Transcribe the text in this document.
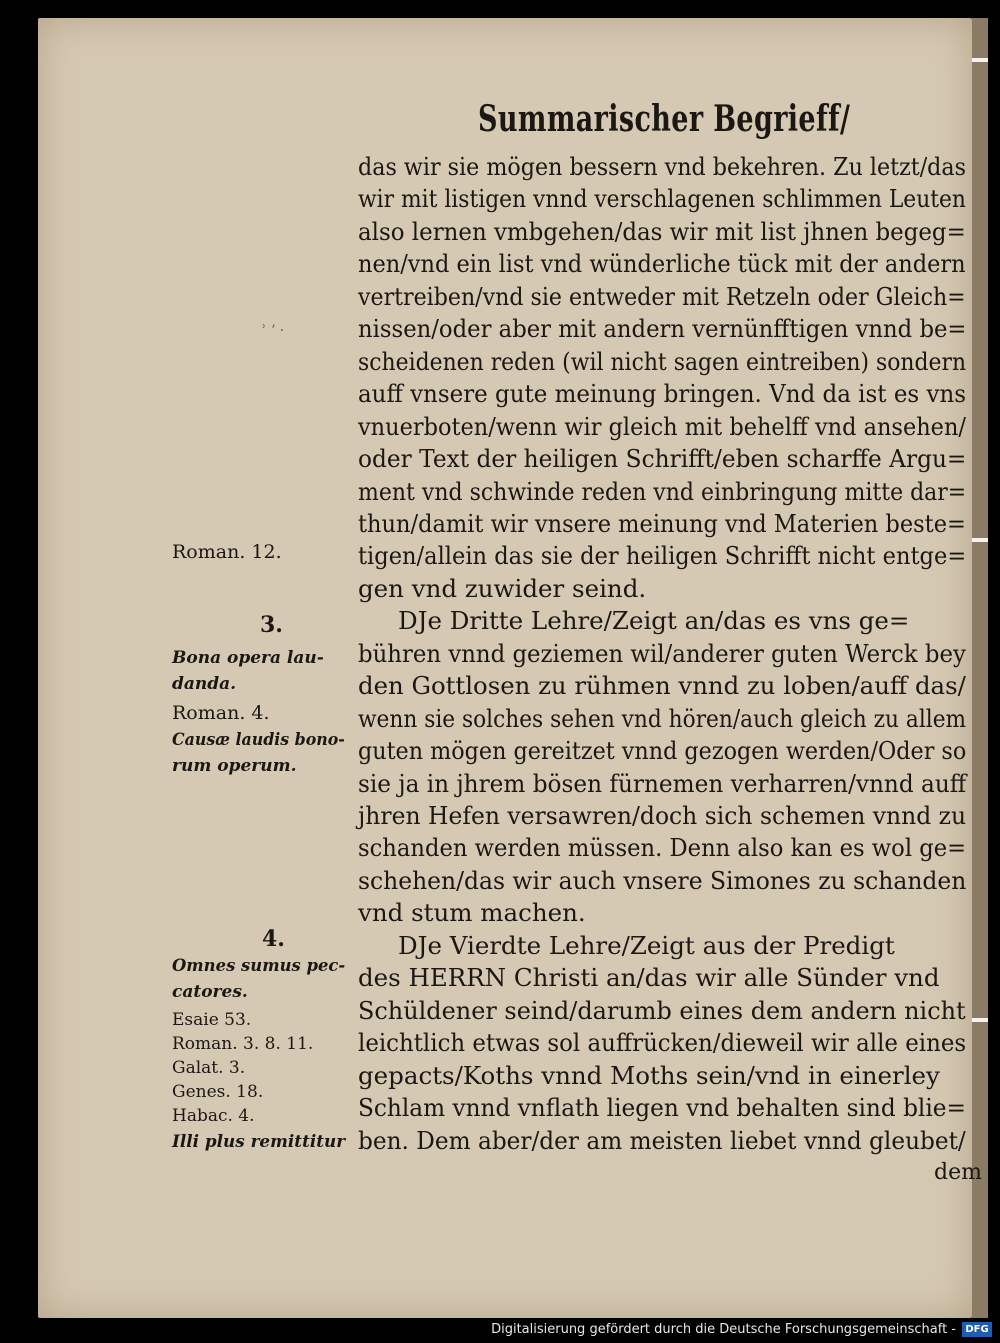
Summarischer Begrieff/
das wir sie mögen bessern vnd bekehren. Zu letzt/das
wir mit listigen vnnd verschlagenen schlimmen Leuten
also lernen vmbgehen/das wir mit list jhnen begeg=
nen/vnd ein list vnd wünderliche tück mit der andern
vertreiben/vnd sie entweder mit Retzeln oder Gleich=
nissen/oder aber mit andern vernünfftigen vnnd be=
scheidenen reden (wil nicht sagen eintreiben) sondern
auff vnsere gute meinung bringen. Vnd da ist es vns
vnuerboten/wenn wir gleich mit behelff vnd ansehen/
oder Text der heiligen Schrifft/eben scharffe Argu=
ment vnd schwinde reden vnd einbringung mitte dar=
thun/damit wir vnsere meinung vnd Materien beste=
tigen/allein das sie der heiligen Schrifft nicht entge=
gen vnd zuwider seind.
DJe Dritte Lehre/Zeigt an/das es vns ge=
bühren vnnd geziemen wil/anderer guten Werck bey
den Gottlosen zu rühmen vnnd zu loben/auff das/
wenn sie solches sehen vnd hören/auch gleich zu allem
guten mögen gereitzet vnnd gezogen werden/Oder so
sie ja in jhrem bösen fürnemen verharren/vnnd auff
jhren Hefen versawren/doch sich schemen vnnd zu
schanden werden müssen. Denn also kan es wol ge=
schehen/das wir auch vnsere Simones zu schanden
vnd stum machen.
DJe Vierdte Lehre/Zeigt aus der Predigt
des HERRN Christi an/das wir alle Sünder vnd
Schüldener seind/darumb eines dem andern nicht
leichtlich etwas sol auffrücken/dieweil wir alle eines
gepacts/Koths vnnd Moths sein/vnd in einerley
Schlam vnnd vnflath liegen vnd behalten sind blie=
ben. Dem aber/der am meisten liebet vnnd gleubet/
dem
ʾ ʼ ·
Roman. 12.
3.
Bona opera lau-
danda.
Roman. 4.
Causæ laudis bono-
rum operum.
4.
Omnes sumus pec-
catores.
Esaie 53.
Roman. 3. 8. 11.
Galat. 3.
Genes. 18.
Habac. 4.
Illi plus remittitur
Digitalisierung gefördert durch die Deutsche Forschungsgemeinschaft - DFG
